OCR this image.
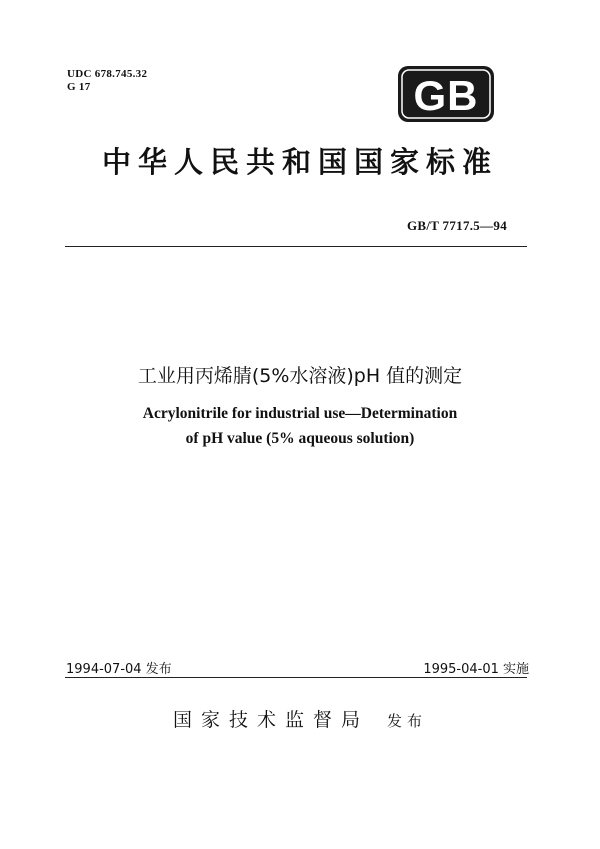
UDC 678.745.32
G 17	GB
中华人民共和国国家标准
GB/T 7717.5—94
工业用丙烯腈(5%水溶液)pH 值的测定
Acrylonitrile for industrial use—Determination
of pH value (5% aqueous solution)
1994-07-04 发布	1995-04-01 实施
国家技术监督局 发布
